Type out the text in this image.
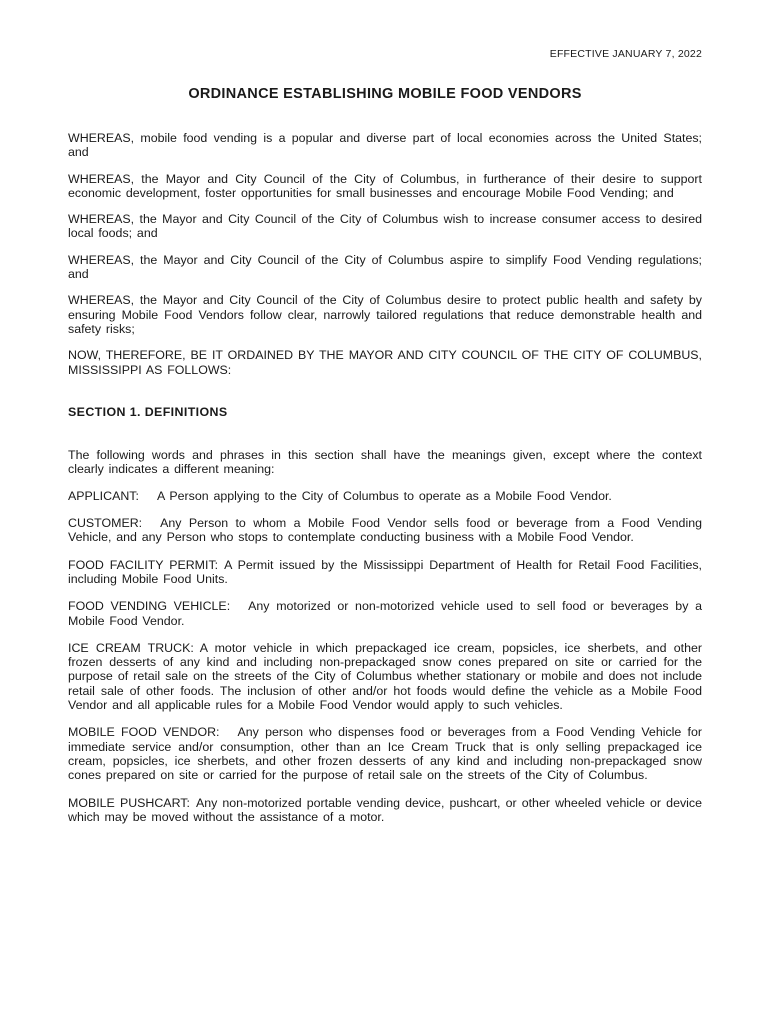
EFFECTIVE JANUARY 7, 2022
ORDINANCE ESTABLISHING MOBILE FOOD VENDORS

WHEREAS, mobile food vending is a popular and diverse part of local economies across the United States; and

WHEREAS, the Mayor and City Council of the City of Columbus, in furtherance of their desire to support economic development, foster opportunities for small businesses and encourage Mobile Food Vending; and

WHEREAS, the Mayor and City Council of the City of Columbus wish to increase consumer access to desired local foods; and

WHEREAS, the Mayor and City Council of the City of Columbus aspire to simplify Food Vending regulations; and

WHEREAS, the Mayor and City Council of the City of Columbus desire to protect public health and safety by ensuring Mobile Food Vendors follow clear, narrowly tailored regulations that reduce demonstrable health and safety risks;

NOW, THEREFORE, BE IT ORDAINED BY THE MAYOR AND CITY COUNCIL OF THE CITY OF COLUMBUS, MISSISSIPPI AS FOLLOWS:

SECTION 1. DEFINITIONS

The following words and phrases in this section shall have the meanings given, except where the context clearly indicates a different meaning:

APPLICANT: A Person applying to the City of Columbus to operate as a Mobile Food Vendor.

CUSTOMER: Any Person to whom a Mobile Food Vendor sells food or beverage from a Food Vending Vehicle, and any Person who stops to contemplate conducting business with a Mobile Food Vendor.

FOOD FACILITY PERMIT: A Permit issued by the Mississippi Department of Health for Retail Food Facilities, including Mobile Food Units.

FOOD VENDING VEHICLE: Any motorized or non-motorized vehicle used to sell food or beverages by a Mobile Food Vendor.

ICE CREAM TRUCK: A motor vehicle in which prepackaged ice cream, popsicles, ice sherbets, and other frozen desserts of any kind and including non-prepackaged snow cones prepared on site or carried for the purpose of retail sale on the streets of the City of Columbus whether stationary or mobile and does not include retail sale of other foods. The inclusion of other and/or hot foods would define the vehicle as a Mobile Food Vendor and all applicable rules for a Mobile Food Vendor would apply to such vehicles.

MOBILE FOOD VENDOR: Any person who dispenses food or beverages from a Food Vending Vehicle for immediate service and/or consumption, other than an Ice Cream Truck that is only selling prepackaged ice cream, popsicles, ice sherbets, and other frozen desserts of any kind and including non-prepackaged snow cones prepared on site or carried for the purpose of retail sale on the streets of the City of Columbus.

MOBILE PUSHCART: Any non-motorized portable vending device, pushcart, or other wheeled vehicle or device which may be moved without the assistance of a motor.
